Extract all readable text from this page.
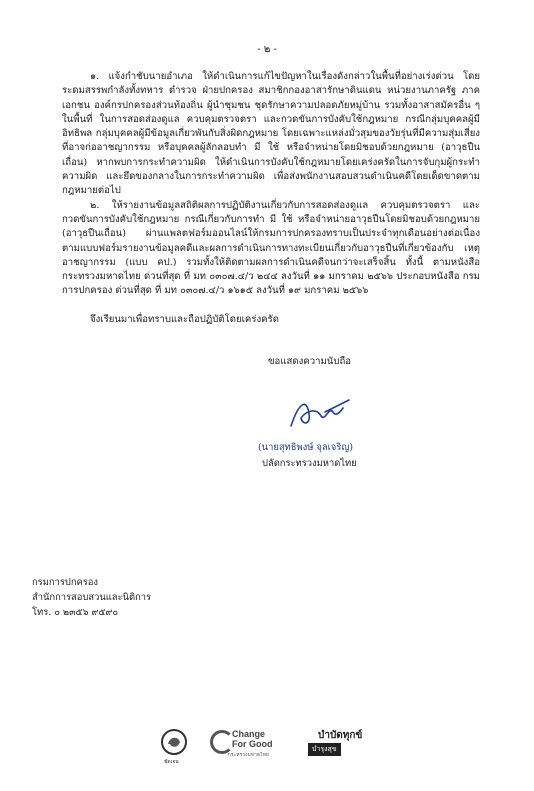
- ๒ -

๑. แจ้งกำชับนายอำเภอ ให้ดำเนินการแก้ไขปัญหาในเรื่องดังกล่าวในพื้นที่อย่างเร่งด่วน โดยระดมสรรพกำลังทั้งทหาร ตำรวจ ฝ่ายปกครอง สมาชิกกองอาสารักษาดินแดน หน่วยงานภาครัฐ ภาคเอกชน องค์กรปกครองส่วนท้องถิ่น ผู้นำชุมชน ชุดรักษาความปลอดภัยหมู่บ้าน รวมทั้งอาสาสมัครอื่น ๆ ในพื้นที่ ในการสอดส่องดูแล ควบคุมตรวจตรา และกวดขันการบังคับใช้กฎหมาย กรณีกลุ่มบุคคลผู้มีอิทธิพล กลุ่มบุคคลผู้มีข้อมูลเกี่ยวพันกับสิ่งผิดกฎหมาย โดยเฉพาะแหล่งมั่วสุมของวัยรุ่นที่มีความสุ่มเสี่ยง ที่อาจก่ออาชญากรรม หรือบุคคลผู้ลักลอบทำ มี ใช้ หรือจำหน่ายโดยมิชอบด้วยกฎหมาย (อาวุธปืนเถื่อน) หากพบการกระทำความผิด ให้ดำเนินการบังคับใช้กฎหมายโดยเคร่งครัดในการจับกุมผู้กระทำความผิด และยึดของกลางในการกระทำความผิด เพื่อส่งพนักงานสอบสวนดำเนินคดีโดยเด็ดขาดตามกฎหมายต่อไป

๒. ให้รายงานข้อมูลสถิติผลการปฏิบัติงานเกี่ยวกับการสอดส่องดูแล ควบคุมตรวจตรา และกวดขันการบังคับใช้กฎหมาย กรณีเกี่ยวกับการทำ มี ใช้ หรือจำหน่ายอาวุธปืนโดยมิชอบด้วยกฎหมาย (อาวุธปืนเถื่อน) ผ่านแพลตฟอร์มออนไลน์ให้กรมการปกครองทราบเป็นประจำทุกเดือนอย่างต่อเนื่อง ตามแบบฟอร์มรายงานข้อมูลคดีและผลการดำเนินการทางทะเบียนเกี่ยวกับอาวุธปืนที่เกี่ยวข้องกับ เหตุอาชญากรรม (แบบ คป.) รวมทั้งให้ติดตามผลการดำเนินคดีจนกว่าจะเสร็จสิ้น ทั้งนี้ ตามหนังสือ กระทรวงมหาดไทย ด่วนที่สุด ที่ มท ๐๓๐๗.๔/ว ๒๔๔ ลงวันที่ ๑๑ มกราคม ๒๕๖๖ ประกอบหนังสือ กรมการปกครอง ด่วนที่สุด ที่ มท ๐๓๐๗.๔/ว ๑๖๑๕ ลงวันที่ ๑๙ มกราคม ๒๕๖๖

จึงเรียนมาเพื่อทราบและถือปฏิบัติโดยเคร่งครัด

ขอแสดงความนับถือ
(นายสุทธิพงษ์ จุลเจริญ)
ปลัดกระทรวงมหาดไทย
กรมการปกครอง
สำนักการสอบสวนและนิติการ
โทร. ๐ ๒๓๕๖ ๙๕๙๐
ชัดเจน
Change
For Good
กระทรวงมหาดไทย
บำบัดทุกข์
บำรุงสุข
